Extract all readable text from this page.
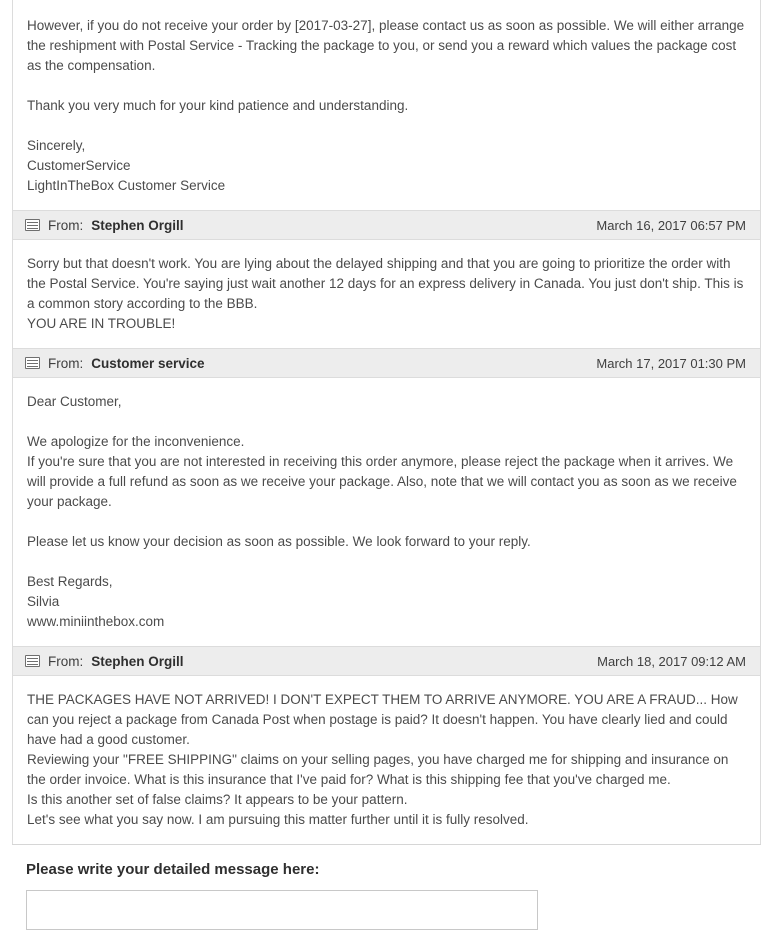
However, if you do not receive your order by [2017-03-27], please contact us as soon as possible. We will either arrange the reshipment with Postal Service - Tracking the package to you, or send you a reward which values the package cost as the compensation.

Thank you very much for your kind patience and understanding.

Sincerely,

CustomerService

LightInTheBox Customer Service

From: Stephen Orgill	March 16, 2017 06:57 PM

Sorry but that doesn't work. You are lying about the delayed shipping and that you are going to prioritize the order with the Postal Service. You're saying just wait another 12 days for an express delivery in Canada. You just don't ship. This is a common story according to the BBB.

YOU ARE IN TROUBLE!

From: Customer service	March 17, 2017 01:30 PM

Dear Customer,

We apologize for the inconvenience.

If you're sure that you are not interested in receiving this order anymore, please reject the package when it arrives. We will provide a full refund as soon as we receive your package. Also, note that we will contact you as soon as we receive your package.

Please let us know your decision as soon as possible. We look forward to your reply.

Best Regards,

Silvia

www.miniinthebox.com

From: Stephen Orgill	March 18, 2017 09:12 AM

THE PACKAGES HAVE NOT ARRIVED! I DON'T EXPECT THEM TO ARRIVE ANYMORE. YOU ARE A FRAUD... How can you reject a package from Canada Post when postage is paid? It doesn't happen. You have clearly lied and could have had a good customer.

Reviewing your "FREE SHIPPING" claims on your selling pages, you have charged me for shipping and insurance on the order invoice. What is this insurance that I've paid for? What is this shipping fee that you've charged me.

Is this another set of false claims? It appears to be your pattern.

Let's see what you say now. I am pursuing this matter further until it is fully resolved.

Please write your detailed message here:
